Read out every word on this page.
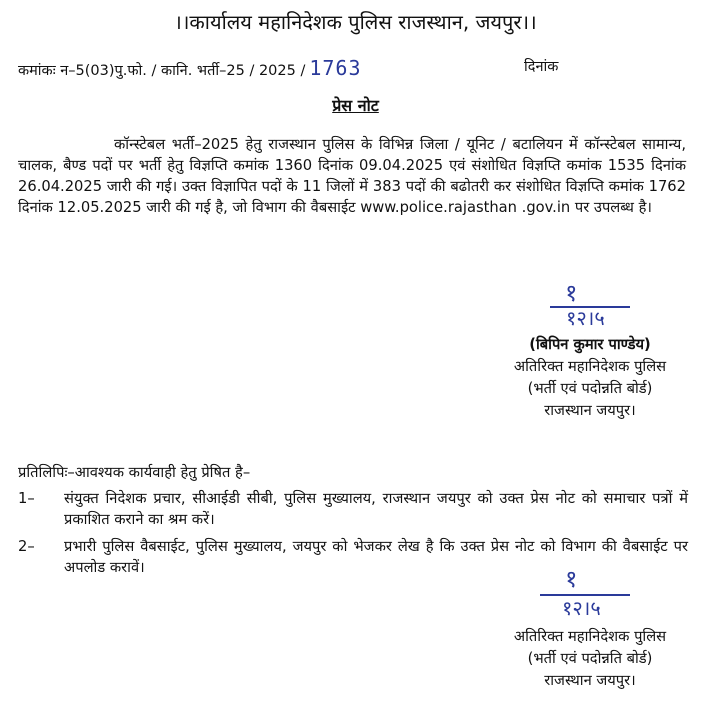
।।कार्यालय महानिदेशक पुलिस राजस्थान, जयपुर।।
कमांकः न–5(03)पु.फो. / कानि. भर्ती–25 / 2025 / 1763	दिनांक
प्रेस नोट

कॉन्स्टेबल भर्ती–2025 हेतु राजस्थान पुलिस के विभिन्न जिला / यूनिट / बटालियन में कॉन्स्टेबल सामान्य, चालक, बैण्ड पदों पर भर्ती हेतु विज्ञप्ति कमांक 1360 दिनांक 09.04.2025 एवं संशोधित विज्ञप्ति कमांक 1535 दिनांक 26.04.2025 जारी की गई। उक्त विज्ञापित पदों के 11 जिलों में 383 पदों की बढोतरी कर संशोधित विज्ञप्ति कमांक 1762 दिनांक 12.05.2025 जारी की गई है, जो विभाग की वैबसाईट www.police.rajasthan .gov.in पर उपलब्ध है।

१
१२।५
(बिपिन कुमार पाण्डेय)
अतिरिक्त महानिदेशक पुलिस
(भर्ती एवं पदोन्नति बोर्ड)
राजस्थान जयपुर।
प्रतिलिपिः–आवश्यक कार्यवाही हेतु प्रेषित है–
1– संयुक्त निदेशक प्रचार, सीआईडी सीबी, पुलिस मुख्यालय, राजस्थान जयपुर को उक्त प्रेस नोट को समाचार पत्रों में प्रकाशित कराने का श्रम करें।
2– प्रभारी पुलिस वैबसाईट, पुलिस मुख्यालय, जयपुर को भेजकर लेख है कि उक्त प्रेस नोट को विभाग की वैबसाईट पर अपलोड करावें।	१
१२।५
अतिरिक्त महानिदेशक पुलिस
(भर्ती एवं पदोन्नति बोर्ड)
राजस्थान जयपुर।
